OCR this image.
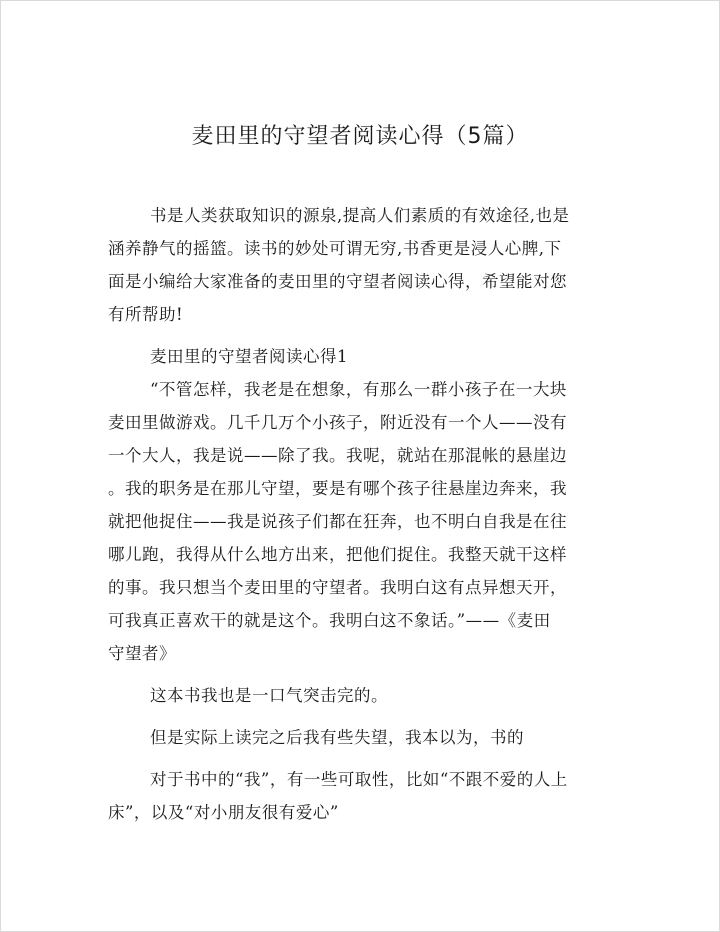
麦田里的守望者阅读心得（5篇）
书是人类获取知识的源泉,提高人们素质的有效途径,也是
涵养静气的摇篮。读书的妙处可谓无穷,书香更是浸人心脾,下
面是小编给大家准备的麦田里的守望者阅读心得，希望能对您
有所帮助!
麦田里的守望者阅读心得1
“不管怎样，我老是在想象，有那么一群小孩子在一大块
麦田里做游戏。几千几万个小孩子，附近没有一个人——没有
一个大人，我是说——除了我。我呢，就站在那混帐的悬崖边
。我的职务是在那儿守望，要是有哪个孩子往悬崖边奔来，我
就把他捉住——我是说孩子们都在狂奔，也不明白自我是在往
哪儿跑，我得从什么地方出来，把他们捉住。我整天就干这样
的事。我只想当个麦田里的守望者。我明白这有点异想天开，
可我真正喜欢干的就是这个。我明白这不象话。”——《麦田
守望者》
这本书我也是一口气突击完的。
但是实际上读完之后我有些失望，我本以为，书的
对于书中的“我”，有一些可取性，比如“不跟不爱的人上
床”，以及“对小朋友很有爱心”
